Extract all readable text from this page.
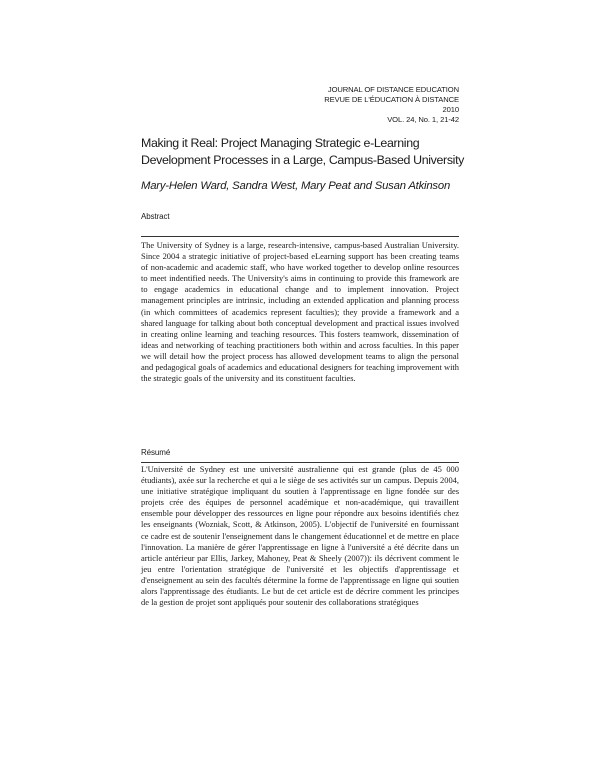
JOURNAL OF DISTANCE EDUCATION
REVUE DE L'ÉDUCATION À DISTANCE
2010
VOL. 24, No. 1, 21-42
Making it Real: Project Managing Strategic e-Learning Development Processes in a Large, Campus-Based University
Mary-Helen Ward, Sandra West, Mary Peat and Susan Atkinson
Abstract

The University of Sydney is a large, research-intensive, campus-based Australian University. Since 2004 a strategic initiative of project-based eLearning support has been creating teams of non-academic and academic staff, who have worked together to develop online resources to meet indentified needs. The University's aims in continuing to provide this framework are to engage academics in educational change and to implement innovation. Project management principles are intrinsic, including an extended application and planning process (in which committees of academics represent faculties); they provide a framework and a shared language for talking about both conceptual development and practical issues involved in creating online learning and teaching resources. This fosters teamwork, dissemination of ideas and networking of teaching practitioners both within and across faculties. In this paper we will detail how the project process has allowed development teams to align the personal and pedagogical goals of academics and educational designers for teaching improvement with the strategic goals of the university and its constituent faculties.

Résumé

L'Université de Sydney est une université australienne qui est grande (plus de 45 000 étudiants), axée sur la recherche et qui a le siège de ses activités sur un campus. Depuis 2004, une initiative stratégique impliquant du soutien à l'apprentissage en ligne fondée sur des projets crée des équipes de personnel académique et non-académique, qui travaillent ensemble pour développer des ressources en ligne pour répondre aux besoins identifiés chez les enseignants (Wozniak, Scott, & Atkinson, 2005). L'objectif de l'université en fournissant ce cadre est de soutenir l'enseignement dans le changement éducationnel et de mettre en place l'innovation. La manière de gérer l'apprentissage en ligne à l'université a été décrite dans un article antérieur par Ellis, Jarkey, Mahoney, Peat & Sheely (2007)): ils décrivent comment le jeu entre l'orientation stratégique de l'université et les objectifs d'apprentissage et d'enseignement au sein des facultés détermine la forme de l'apprentissage en ligne qui soutien alors l'apprentissage des étudiants. Le but de cet article est de décrire comment les principes de la gestion de projet sont appliqués pour soutenir des collaborations stratégiques
